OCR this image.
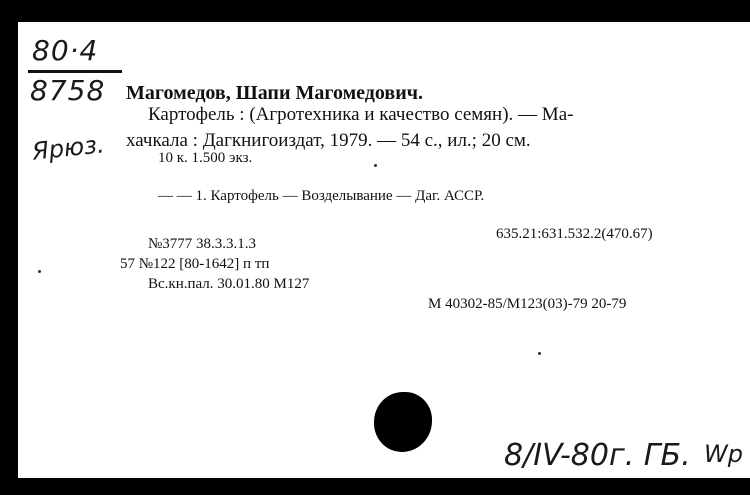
80·4
8758
Ярюз.
Магомедов, Шапи Магомедович.
Картофель : (Агротехника и качество семян). — Ма-
хачкала : Дагкнигоиздат, 1979. — 54 с., ил.; 20 см.
10 к. 1.500 экз.
— — 1. Картофель — Возделывание — Даг. АССР.
635.21:631.532.2(470.67)
№3777 38.3.3.1.3
57 №122 [80-1642] п тп
Вс.кн.пал. 30.01.80 М127
М 40302-85/М123(03)-79 20-79
8/IV-80г. ГБ. Wp
